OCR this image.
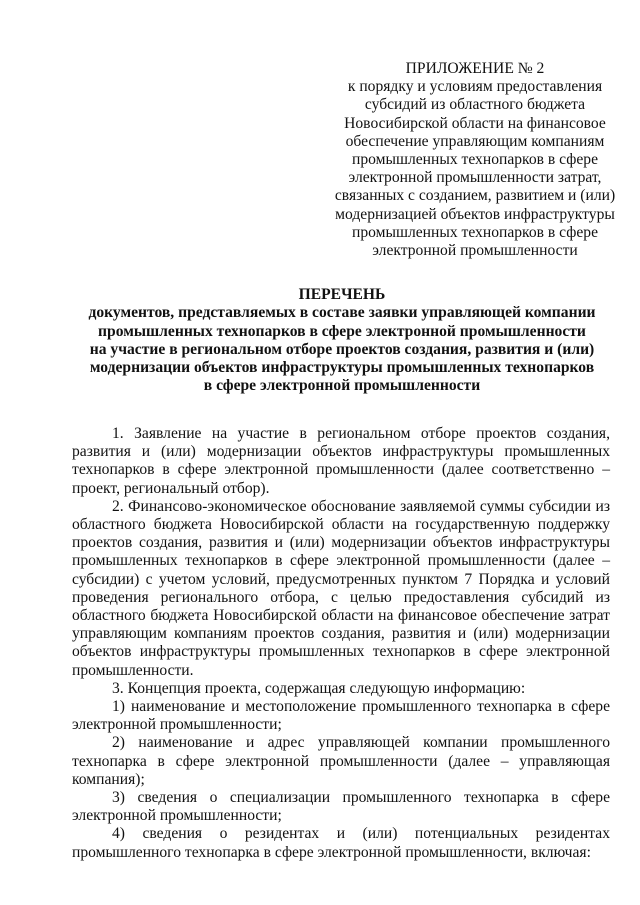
ПРИЛОЖЕНИЕ № 2
к порядку и условиям предоставления
субсидий из областного бюджета
Новосибирской области на финансовое
обеспечение управляющим компаниям
промышленных технопарков в сфере
электронной промышленности затрат,
связанных с созданием, развитием и (или)
модернизацией объектов инфраструктуры
промышленных технопарков в сфере
электронной промышленности
ПЕРЕЧЕНЬ
документов, представляемых в составе заявки управляющей компании
промышленных технопарков в сфере электронной промышленности
на участие в региональном отборе проектов создания, развития и (или)
модернизации объектов инфраструктуры промышленных технопарков
в сфере электронной промышленности

1. Заявление на участие в региональном отборе проектов создания, развития и (или) модернизации объектов инфраструктуры промышленных технопарков в сфере электронной промышленности (далее соответственно – проект, региональный отбор).

2. Финансово-экономическое обоснование заявляемой суммы субсидии из областного бюджета Новосибирской области на государственную поддержку проектов создания, развития и (или) модернизации объектов инфраструктуры промышленных технопарков в сфере электронной промышленности (далее – субсидии) с учетом условий, предусмотренных пунктом 7 Порядка и условий проведения регионального отбора, с целью предоставления субсидий из областного бюджета Новосибирской области на финансовое обеспечение затрат управляющим компаниям проектов создания, развития и (или) модернизации объектов инфраструктуры промышленных технопарков в сфере электронной промышленности.

3. Концепция проекта, содержащая следующую информацию:

1) наименование и местоположение промышленного технопарка в сфере электронной промышленности;

2) наименование и адрес управляющей компании промышленного технопарка в сфере электронной промышленности (далее – управляющая компания);

3) сведения о специализации промышленного технопарка в сфере электронной промышленности;

4) сведения о резидентах и (или) потенциальных резидентах промышленного технопарка в сфере электронной промышленности, включая:
